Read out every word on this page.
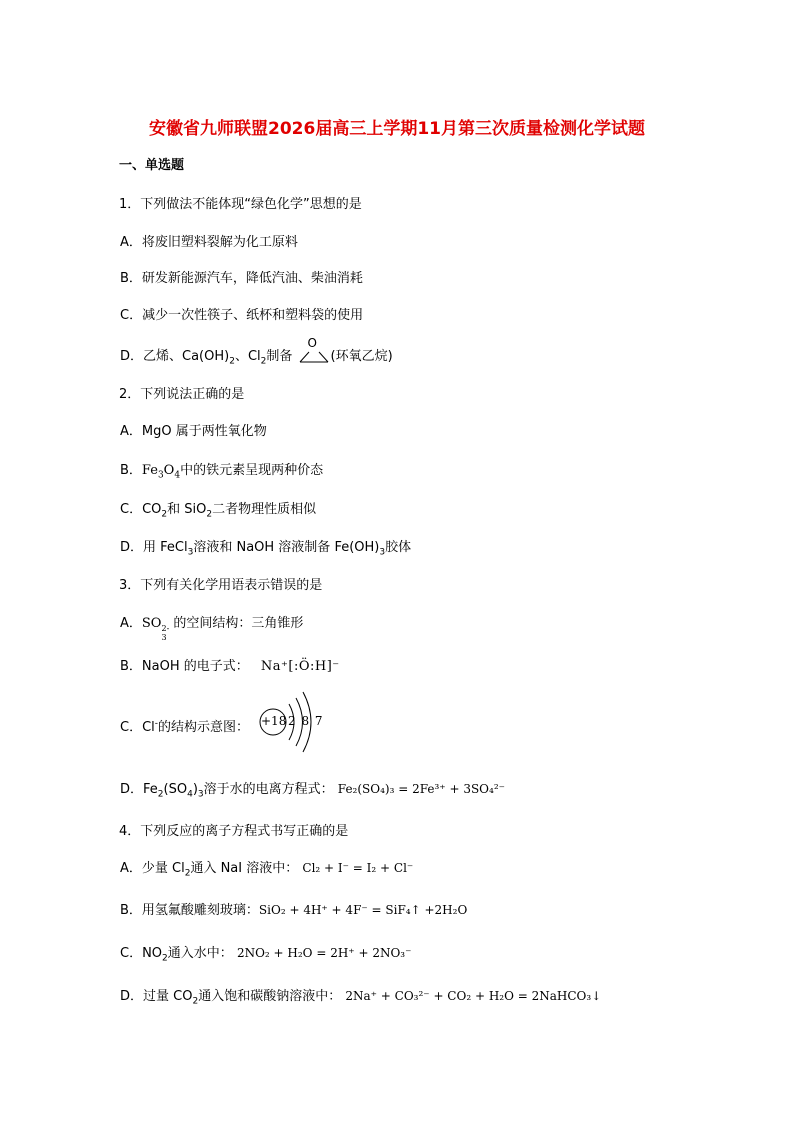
安徽省九师联盟2026届高三上学期11月第三次质量检测化学试题
一、单选题
1．下列做法不能体现“绿色化学”思想的是
A．将废旧塑料裂解为化工原料
B．研发新能源汽车，降低汽油、柴油消耗
C．减少一次性筷子、纸杯和塑料袋的使用
D．乙烯、$Ca(OH)_2$、$Cl_2$制备
O
(环氧乙烷)
2．下列说法正确的是
A．MgO 属于两性氧化物
B．$Fe_3O_4$中的铁元素呈现两种价态
C．$CO_2$和 SiO$_2$二者物理性质相似
D．用 FeCl$_3$溶液和 NaOH 溶液制备 $Fe(OH)_3$胶体
3．下列有关化学用语表示错误的是
A．SO 2-
3
的空间结构：三角锥形
B．NaOH 的电子式： Na⁺[:Ö:H]⁻
C．Cl-的结构示意图： +18 2 8 7
D．$Fe_2(SO_4)_3$溶于水的电离方程式： Fe₂(SO₄)₃ = 2Fe³⁺ + 3SO₄²⁻
4．下列反应的离子方程式书写正确的是
A．少量 $Cl_2$通入 NaI 溶液中： Cl₂ + I⁻ = I₂ + Cl⁻
B．用氢氟酸雕刻玻璃：SiO₂ + 4H⁺ + 4F⁻ = SiF₄↑ +2H₂O
C．$NO_2$通入水中： 2NO₂ + H₂O = 2H⁺ + 2NO₃⁻
D．过量 $CO_2$通入饱和碳酸钠溶液中： 2Na⁺ + CO₃²⁻ + CO₂ + H₂O = 2NaHCO₃↓
